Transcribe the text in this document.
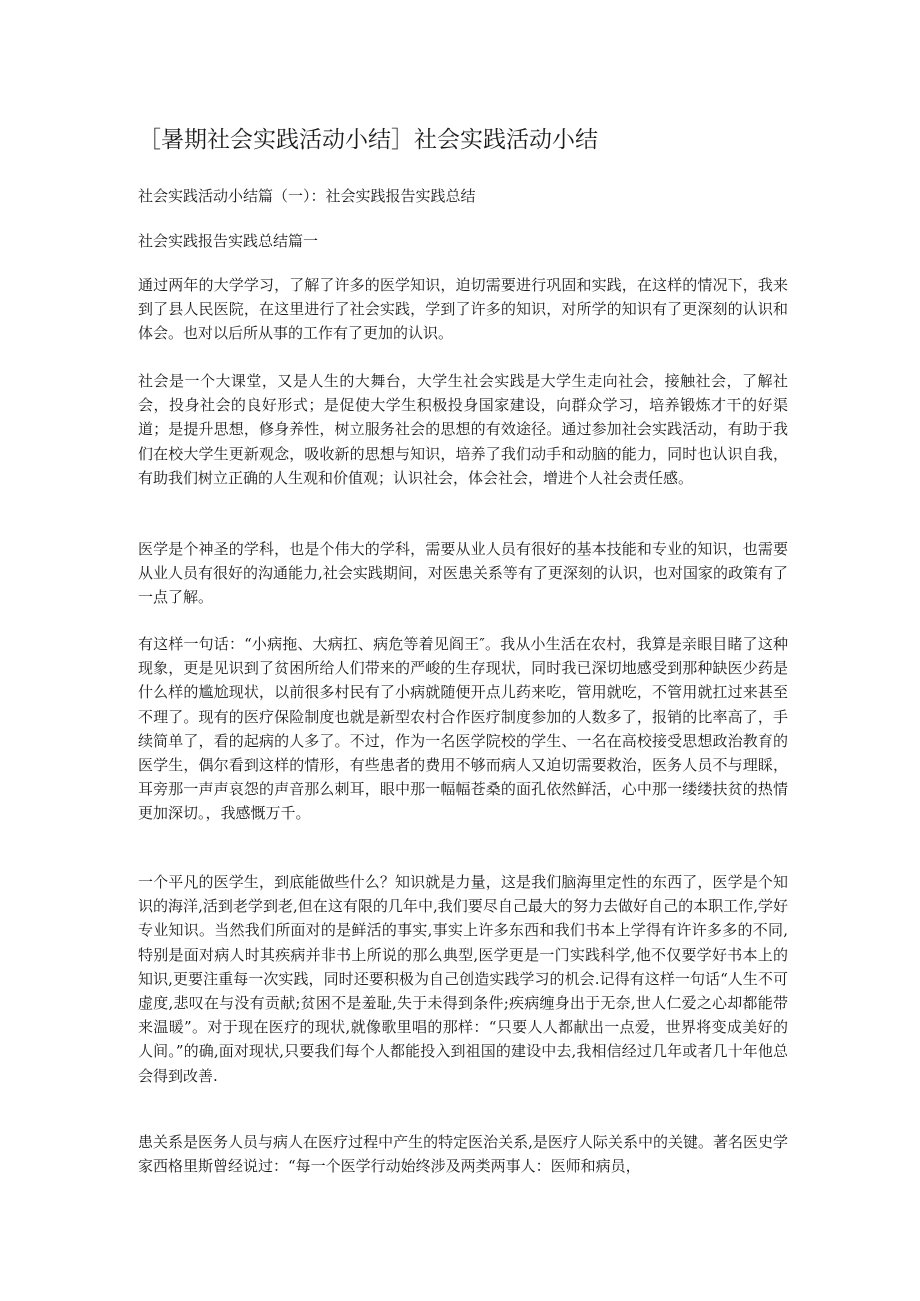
［暑期社会实践活动小结］社会实践活动小结

社会实践活动小结篇（一）：社会实践报告实践总结

社会实践报告实践总结篇一

通过两年的大学学习，了解了许多的医学知识，迫切需要进行巩固和实践，在这样的情况下，我来到了县人民医院，在这里进行了社会实践，学到了许多的知识，对所学的知识有了更深刻的认识和体会。也对以后所从事的工作有了更加的认识。

社会是一个大课堂，又是人生的大舞台，大学生社会实践是大学生走向社会，接触社会，了解社会，投身社会的良好形式；是促使大学生积极投身国家建设，向群众学习，培养锻炼才干的好渠道；是提升思想，修身养性，树立服务社会的思想的有效途径。通过参加社会实践活动，有助于我们在校大学生更新观念，吸收新的思想与知识，培养了我们动手和动脑的能力，同时也认识自我，有助我们树立正确的人生观和价值观；认识社会，体会社会，增进个人社会责任感。

医学是个神圣的学科，也是个伟大的学科，需要从业人员有很好的基本技能和专业的知识，也需要从业人员有很好的沟通能力,社会实践期间，对医患关系等有了更深刻的认识，也对国家的政策有了一点了解。

有这样一句话：“小病拖、大病扛、病危等着见阎王″。我从小生活在农村，我算是亲眼目睹了这种现象，更是见识到了贫困所给人们带来的严峻的生存现状，同时我已深切地感受到那种缺医少药是什么样的尴尬现状，以前很多村民有了小病就随便开点儿药来吃，管用就吃，不管用就扛过来甚至不理了。现有的医疗保险制度也就是新型农村合作医疗制度参加的人数多了，报销的比率高了，手续简单了，看的起病的人多了。不过，作为一名医学院校的学生、一名在高校接受思想政治教育的医学生，偶尔看到这样的情形，有些患者的费用不够而病人又迫切需要救治，医务人员不与理睬，耳旁那一声声哀怨的声音那么刺耳，眼中那一幅幅苍桑的面孔依然鲜活，心中那一缕缕扶贫的热情更加深切。，我感慨万千。

一个平凡的医学生，到底能做些什么？知识就是力量，这是我们脑海里定性的东西了，医学是个知识的海洋,活到老学到老,但在这有限的几年中,我们要尽自己最大的努力去做好自己的本职工作,学好专业知识。当然我们所面对的是鲜活的事实,事实上许多东西和我们书本上学得有许许多多的不同,特别是面对病人时其疾病并非书上所说的那么典型,医学更是一门实践科学,他不仅要学好书本上的知识,更要注重每一次实践，同时还要积极为自己创造实践学习的机会.记得有这样一句话“人生不可虚度,悲叹在与没有贡献;贫困不是羞耻,失于未得到条件;疾病缠身出于无奈,世人仁爱之心却都能带来温暖”。对于现在医疗的现状,就像歌里唱的那样：“只要人人都献出一点爱，世界将变成美好的人间。”的确,面对现状,只要我们每个人都能投入到祖国的建设中去,我相信经过几年或者几十年他总会得到改善.

患关系是医务人员与病人在医疗过程中产生的特定医治关系,是医疗人际关系中的关键。著名医史学家西格里斯曾经说过：“每一个医学行动始终涉及两类两事人：医师和病员，
